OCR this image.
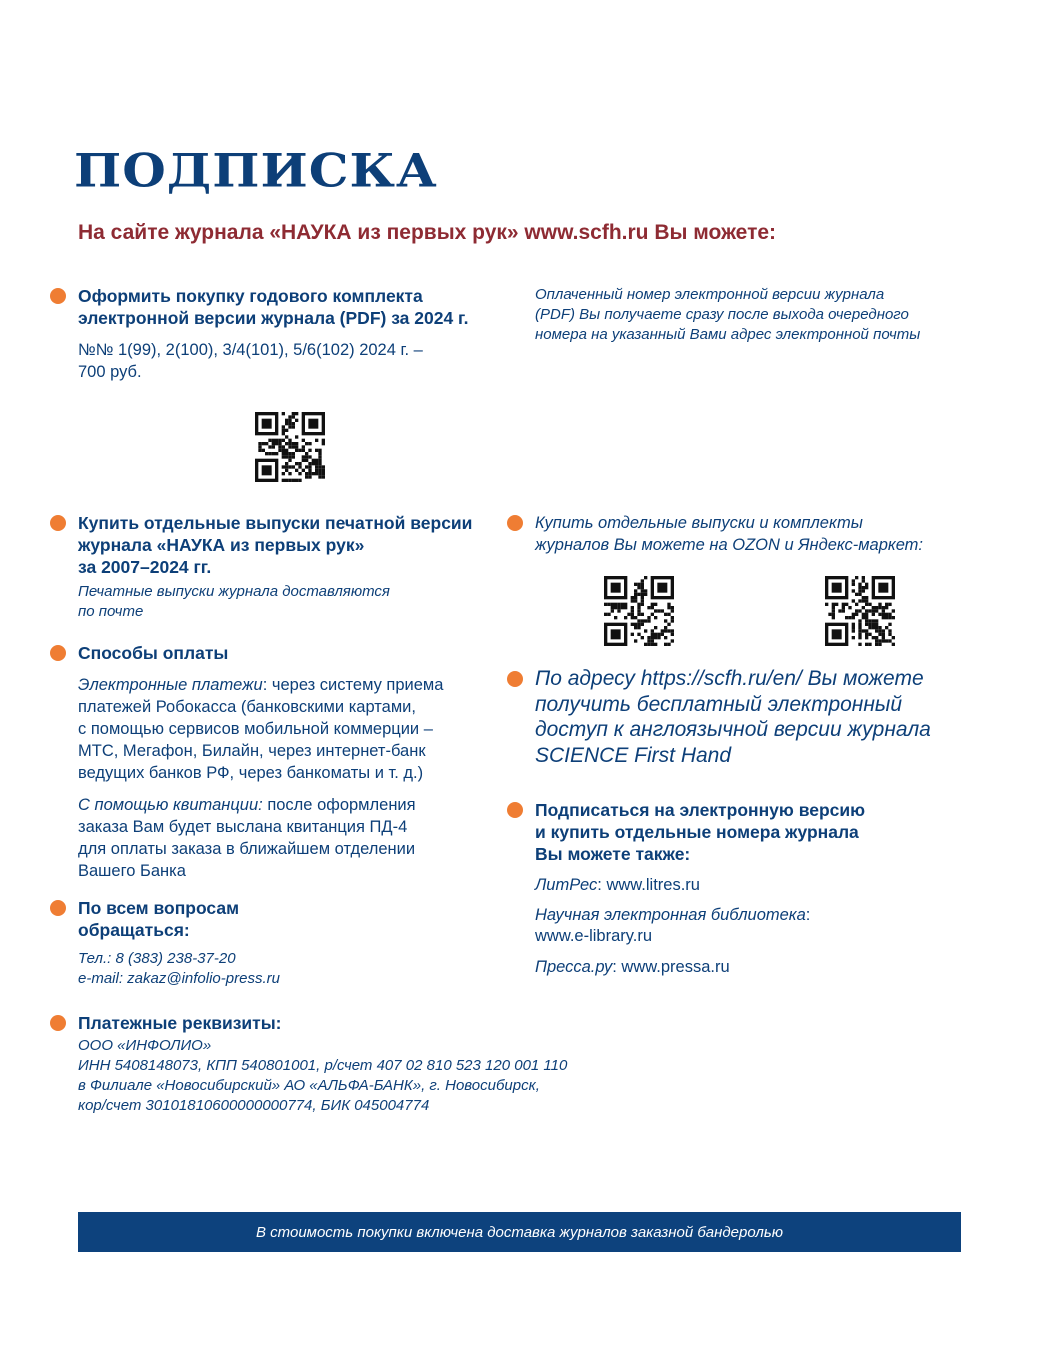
ПОДПИСКА
На сайте журнала «НАУКА из первых рук» www.scfh.ru Вы можете:

Оформить покупку годового комплекта
электронной версии журнала (PDF) за 2024 г.

№№ 1(99), 2(100), 3/4(101), 5/6(102) 2024 г. –
700 руб.

Оплаченный номер электронной версии журнала
(PDF) Вы получаете сразу после выхода очередного
номера на указанный Вами адрес электронной почты

Купить отдельные выпуски печатной версии
журнала «НАУКА из первых рук»
за 2007–2024 гг.

Печатные выпуски журнала доставляются
по почте

Купить отдельные выпуски и комплекты
журналов Вы можете на OZON и Яндекс-маркет:

Способы оплаты

Электронные платежи: через систему приема
платежей Робокасса (банковскими картами,
с помощью сервисов мобильной коммерции –
МТС, Мегафон, Билайн, через интернет-банк
ведущих банков РФ, через банкоматы и т. д.)

С помощью квитанции: после оформления
заказа Вам будет выслана квитанция ПД-4
для оплаты заказа в ближайшем отделении
Вашего Банка

По адресу https://scfh.ru/en/ Вы можете
получить бесплатный электронный
доступ к англоязычной версии журнала
SCIENCE First Hand

Подписаться на электронную версию
и купить отдельные номера журнала
Вы можете также:

ЛитРес: www.litres.ru

Научная электронная библиотека:
www.e-library.ru

Пресса.ру: www.pressa.ru

По всем вопросам
обращаться:

Тел.: 8 (383) 238-37-20
e-mail: zakaz@infolio-press.ru

Платежные реквизиты:

ООО «ИНФОЛИО»
ИНН 5408148073, КПП 540801001, р/счет 407 02 810 523 120 001 110
в Филиале «Новосибирский» АО «АЛЬФА-БАНК», г. Новосибирск,
кор/счет 30101810600000000774, БИК 045004774

В стоимость покупки включена доставка журналов заказной бандеролью
